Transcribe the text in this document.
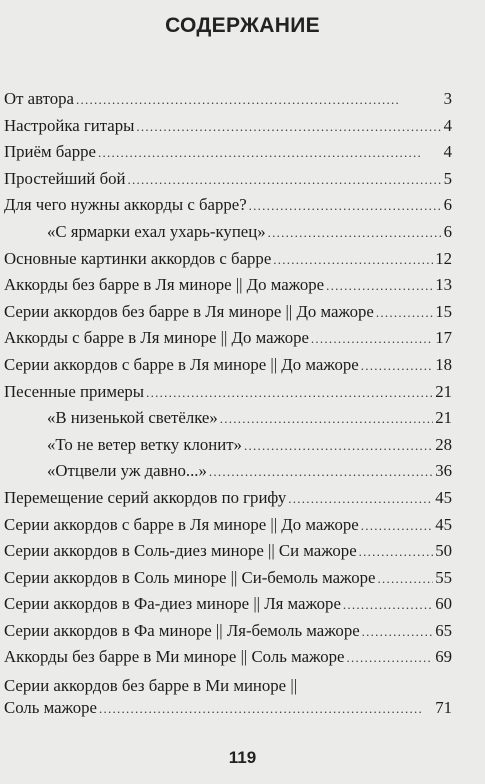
СОДЕРЖАНИЕ
От автора . . .	3
Настройка гитары . . .	4
Приём барре . . .	4
Простейший бой . . .	5
Для чего нужны аккорды с барре? . . .	6
«С ярмарки ехал ухарь-купец» . . .	6
Основные картинки аккордов с барре . . .	12
Аккорды без барре в Ля миноре || До мажоре . . .	13
Серии аккордов без барре в Ля миноре || До мажоре . . .	15
Аккорды с барре в Ля миноре || До мажоре . . .	17
Серии аккордов с барре в Ля миноре || До мажоре . . .	18
Песенные примеры . . .	21
«В низенькой светёлке» . . .	21
«То не ветер ветку клонит» . . .	28
«Отцвели уж давно...» . . .	36
Перемещение серий аккордов по грифу . . .	45
Серии аккордов с барре в Ля миноре || До мажоре . . .	45
Серии аккордов в Соль-диез миноре || Си мажоре . . .	50
Серии аккордов в Соль миноре || Си-бемоль мажоре . . .	55
Серии аккордов в Фа-диез миноре || Ля мажоре . . .	60
Серии аккордов в Фа миноре || Ля-бемоль мажоре . . .	65
Аккорды без барре в Ми миноре || Соль мажоре . . .	69
Серии аккордов без барре в Ми миноре ||
Соль мажоре . . .	71
119
